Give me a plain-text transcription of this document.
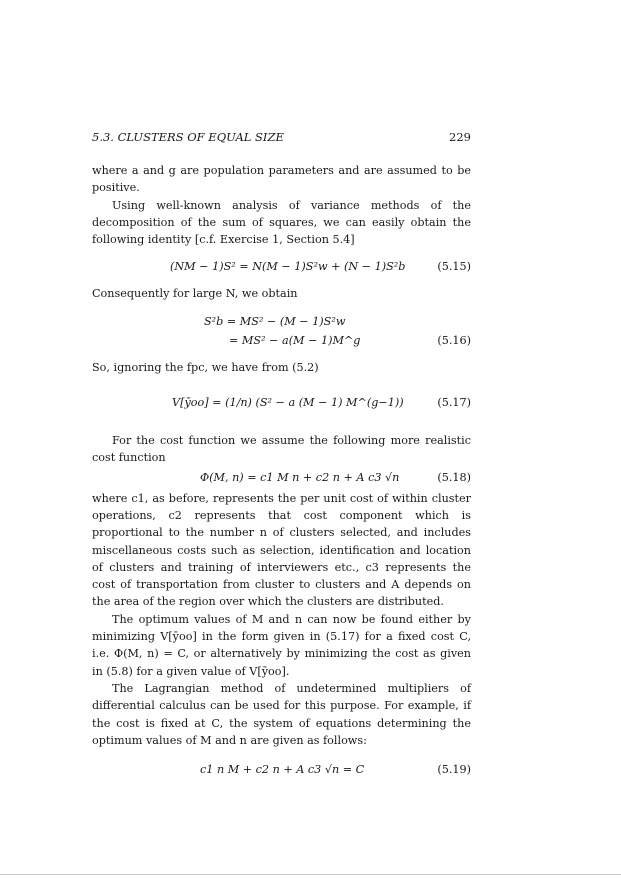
5.3. CLUSTERS OF EQUAL SIZE	229

where a and g are population parameters and are assumed to be positive.

Using well-known analysis of variance methods of the decomposition of the sum of squares, we can easily obtain the following identity [c.f. Exercise 1, Section 5.4]

(NM − 1)S² = N(M − 1)S²w + (N − 1)S²b	(5.15)

Consequently for large N, we obtain

S²b = MS² − (M − 1)S²w
= MS² − a(M − 1)M^g	(5.16)

So, ignoring the fpc, we have from (5.2)

V[ȳoo] = (1/n) (S² − a (M − 1) M^(g−1))	(5.17)

For the cost function we assume the following more realistic cost function

Φ(M, n) = c1 M n + c2 n + A c3 √n	(5.18)

where c1, as before, represents the per unit cost of within cluster operations, c2 represents that cost component which is proportional to the number n of clusters selected, and includes miscellaneous costs such as selection, identification and location of clusters and training of interviewers etc., c3 represents the cost of transportation from cluster to clusters and A depends on the area of the region over which the clusters are distributed.

The optimum values of M and n can now be found either by minimizing V[ȳoo] in the form given in (5.17) for a fixed cost C, i.e. Φ(M, n) = C, or alternatively by minimizing the cost as given in (5.8) for a given value of V[ȳoo].

The Lagrangian method of undetermined multipliers of differential calculus can be used for this purpose. For example, if the cost is fixed at C, the system of equations determining the optimum values of M and n are given as follows:

c1 n M + c2 n + A c3 √n = C	(5.19)
